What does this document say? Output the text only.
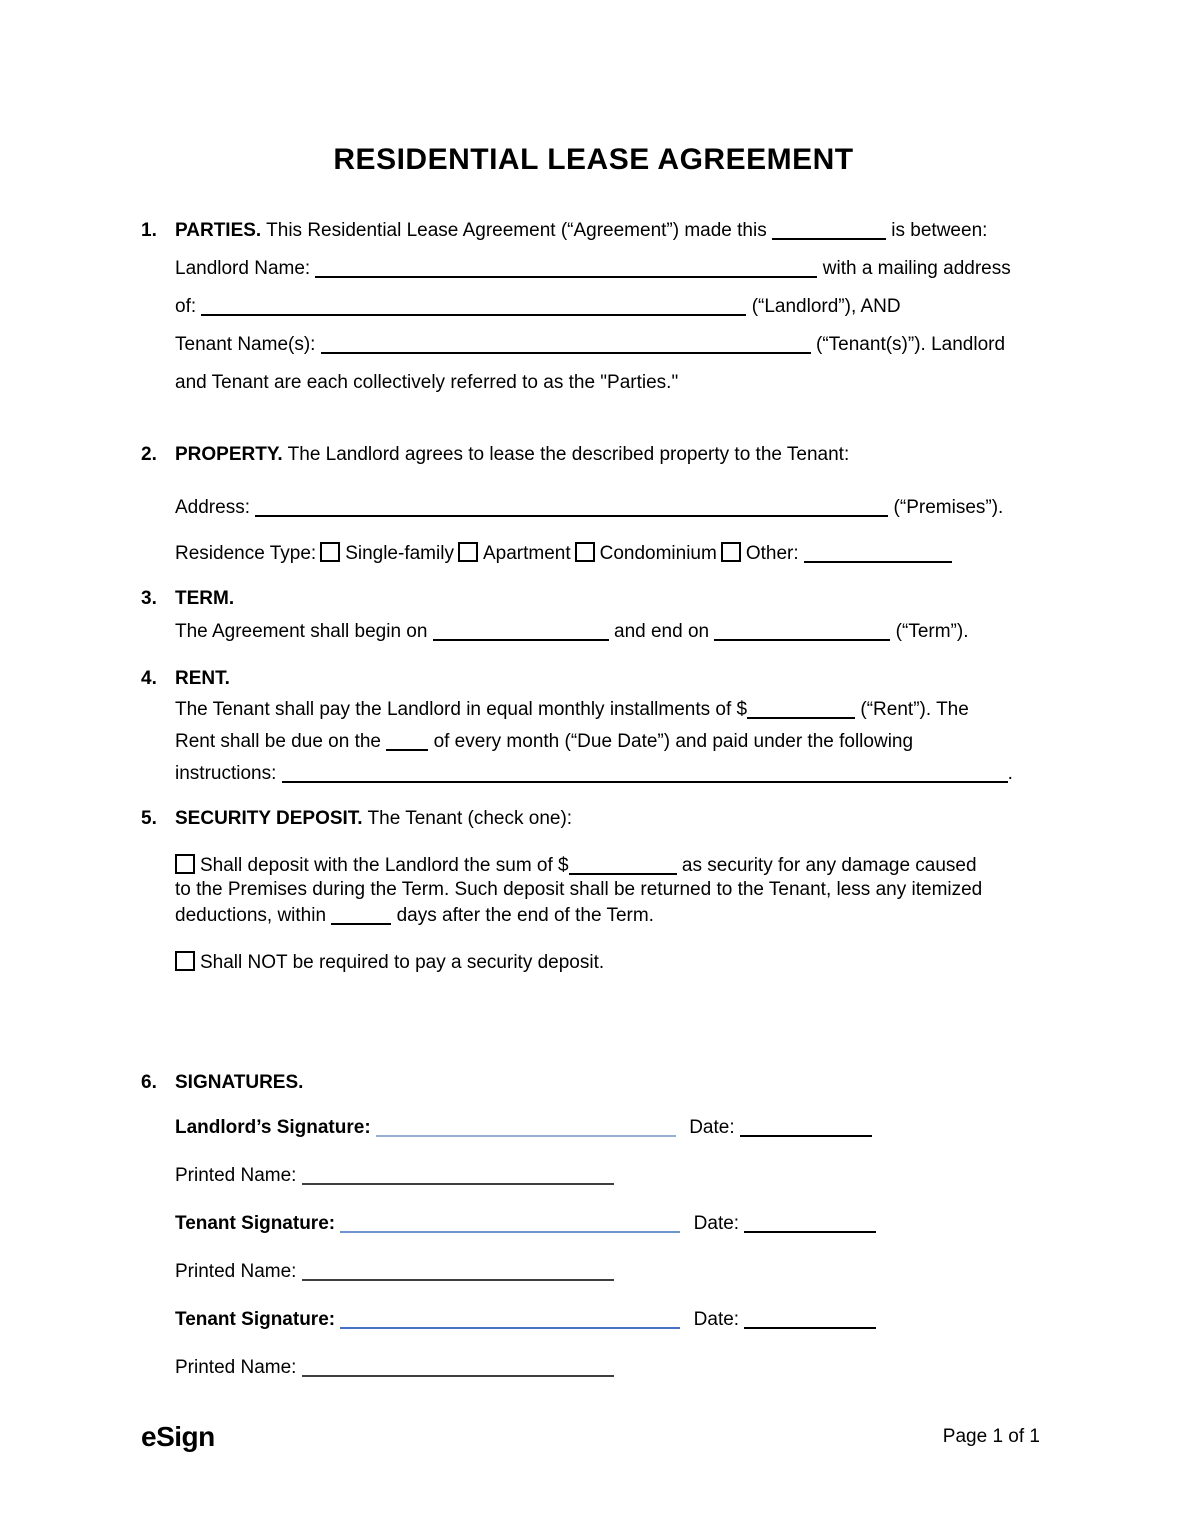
RESIDENTIAL LEASE AGREEMENT
1. PARTIES. This Residential Lease Agreement (“Agreement”) made this	is between:
Landlord Name:	with a mailing address
of:	(“Landlord”), AND
Tenant Name(s):	(“Tenant(s)”). Landlord
and Tenant are each collectively referred to as the "Parties."
2. PROPERTY. The Landlord agrees to lease the described property to the Tenant:
Address:	(“Premises”).
Residence Type: Single-family Apartment Condominium Other:
3. TERM.
The Agreement shall begin on	and end on	(“Term”).
4. RENT.
The Tenant shall pay the Landlord in equal monthly installments of $	(“Rent”). The
Rent shall be due on the	of every month (“Due Date”) and paid under the following
instructions:	.
5. SECURITY DEPOSIT. The Tenant (check one):
Shall deposit with the Landlord the sum of $	as security for any damage caused
to the Premises during the Term. Such deposit shall be returned to the Tenant, less any itemized
deductions, within	days after the end of the Term.
Shall NOT be required to pay a security deposit.
6. SIGNATURES.
Landlord’s Signature:	Date:
Printed Name:
Tenant Signature:	Date:
Printed Name:
Tenant Signature:	Date:
Printed Name:
eSign	Page 1 of 1
